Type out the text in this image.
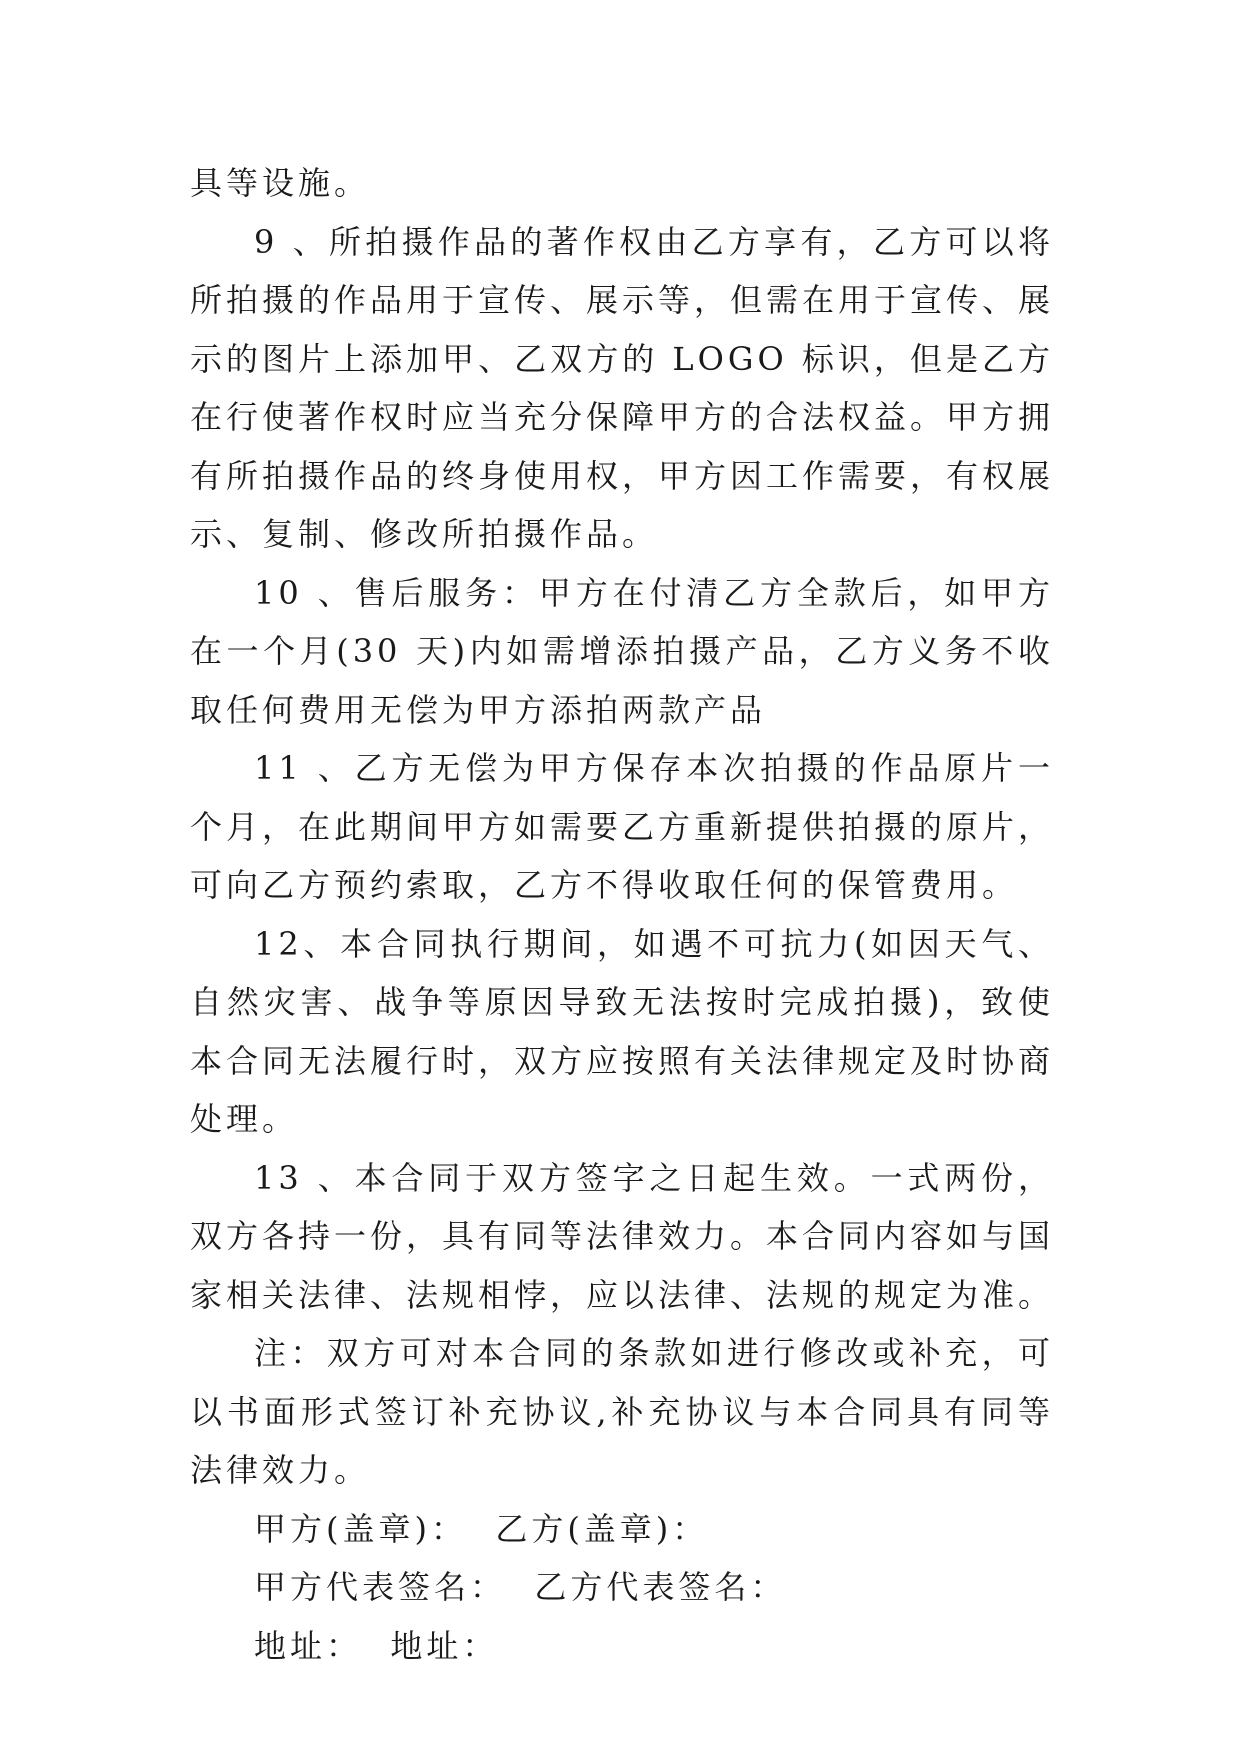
具等设施。

9 、所拍摄作品的著作权由乙方享有，乙方可以将所拍摄的作品用于宣传、展示等，但需在用于宣传、展示的图片上添加甲、乙双方的 LOGO 标识，但是乙方在行使著作权时应当充分保障甲方的合法权益。甲方拥有所拍摄作品的终身使用权，甲方因工作需要，有权展示、复制、修改所拍摄作品。

10 、售后服务：甲方在付清乙方全款后，如甲方在一个月(30 天)内如需增添拍摄产品，乙方义务不收取任何费用无偿为甲方添拍两款产品

11 、乙方无偿为甲方保存本次拍摄的作品原片一个月，在此期间甲方如需要乙方重新提供拍摄的原片，可向乙方预约索取，乙方不得收取任何的保管费用。

12、本合同执行期间，如遇不可抗力(如因天气、自然灾害、战争等原因导致无法按时完成拍摄)，致使本合同无法履行时，双方应按照有关法律规定及时协商处理。

13 、本合同于双方签字之日起生效。一式两份，双方各持一份，具有同等法律效力。本合同内容如与国家相关法律、法规相悖，应以法律、法规的规定为准。

注：双方可对本合同的条款如进行修改或补充，可以书面形式签订补充协议,补充协议与本合同具有同等法律效力。

甲方(盖章)：  乙方(盖章)：

甲方代表签名：  乙方代表签名：

地址：  地址：
